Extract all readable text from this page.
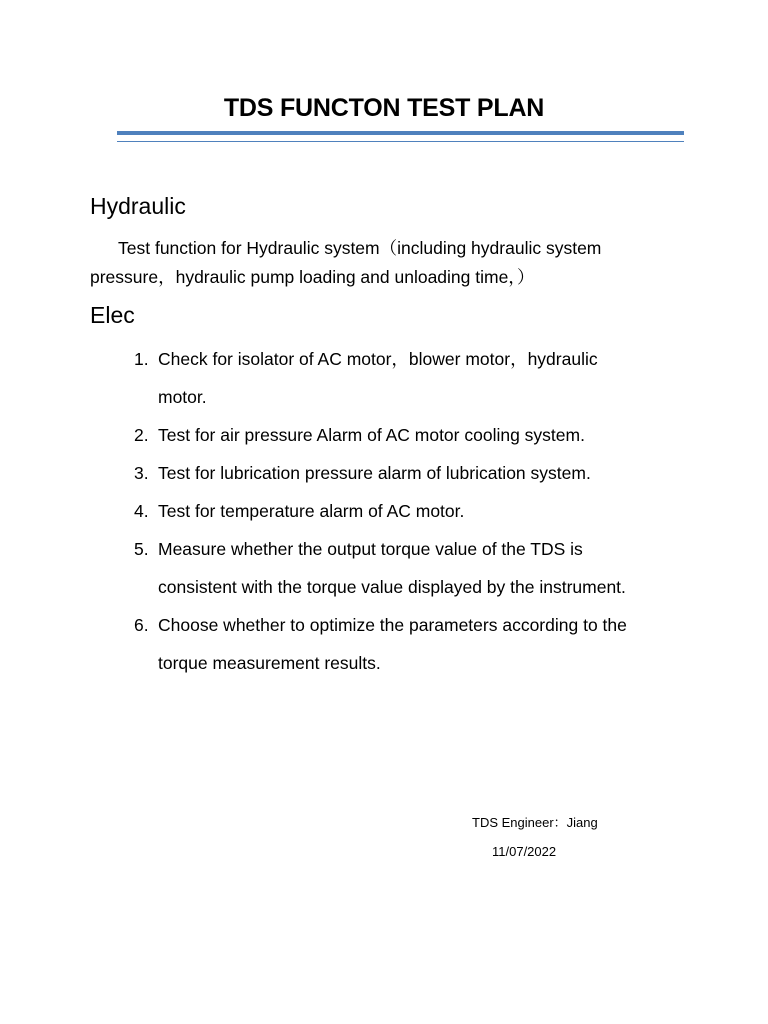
TDS FUNCTON TEST PLAN
Hydraulic

Test function for Hydraulic system（including hydraulic system
pressure，hydraulic pump loading and unloading time，）

Elec
1. Check for isolator of AC motor，blower motor，hydraulic
motor.
2. Test for air pressure Alarm of AC motor cooling system.
3. Test for lubrication pressure alarm of lubrication system.
4. Test for temperature alarm of AC motor.
5. Measure whether the output torque value of the TDS is
consistent with the torque value displayed by the instrument.
6. Choose whether to optimize the parameters according to the
torque measurement results.

TDS Engineer：Jiang

11/07/2022
